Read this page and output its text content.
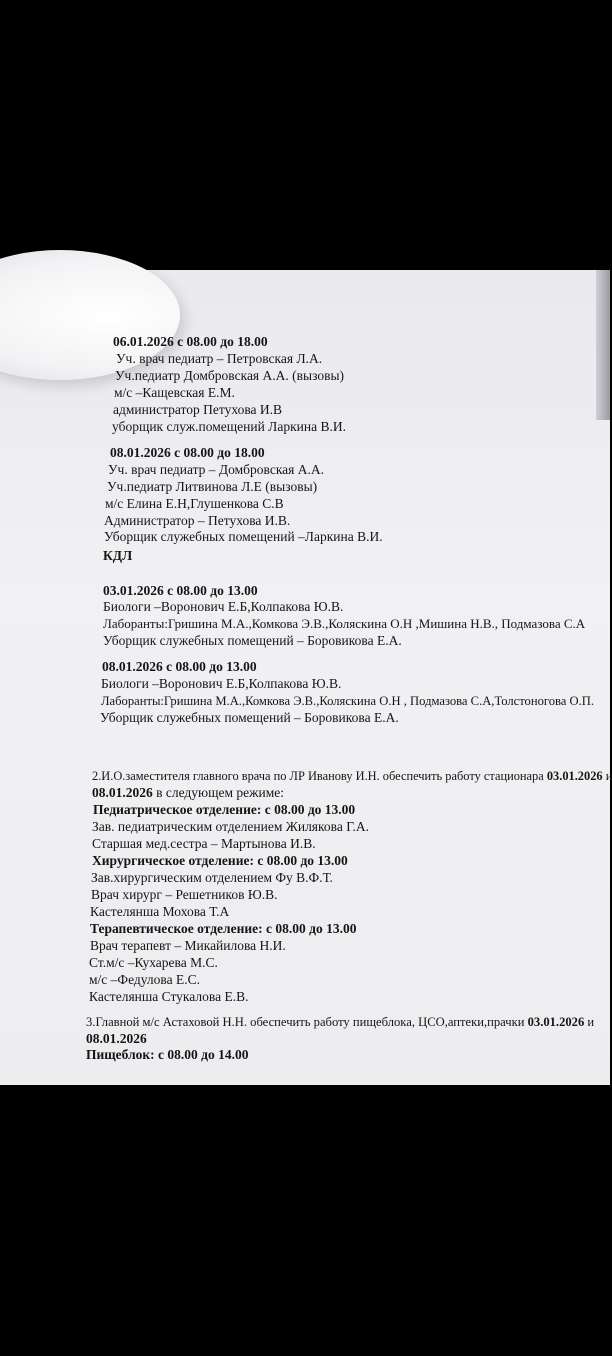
06.01.2026 с 08.00 до 18.00
Уч. врач педиатр – Петровская Л.А.
Уч.педиатр Домбровская А.А. (вызовы)
м/с –Кащевская Е.М.
администратор Петухова И.В
уборщик служ.помещений Ларкина В.И.
08.01.2026 с 08.00 до 18.00
Уч. врач педиатр – Домбровская А.А.
Уч.педиатр Литвинова Л.Е (вызовы)
м/с Елина Е.Н,Глушенкова С.В
Администратор – Петухова И.В.
Уборщик служебных помещений –Ларкина В.И.
КДЛ
03.01.2026 с 08.00 до 13.00
Биологи –Воронович Е.Б,Колпакова Ю.В.
Лаборанты:Гришина М.А.,Комкова Э.В.,Коляскина О.Н ,Мишина Н.В., Подмазова С.А
Уборщик служебных помещений – Боровикова Е.А.
08.01.2026 с 08.00 до 13.00
Биологи –Воронович Е.Б,Колпакова Ю.В.
Лаборанты:Гришина М.А.,Комкова Э.В.,Коляскина О.Н , Подмазова С.А,Толстоногова О.П.
Уборщик служебных помещений – Боровикова Е.А.
2.И.О.заместителя главного врача по ЛР Иванову И.Н. обеспечить работу стационара 03.01.2026 и
08.01.2026 в следующем режиме:
Педиатрическое отделение: с 08.00 до 13.00
Зав. педиатрическим отделением Жилякова Г.А.
Старшая мед.сестра – Мартынова И.В.
Хирургическое отделение: с 08.00 до 13.00
Зав.хирургическим отделением Фу В.Ф.Т.
Врач хирург – Решетников Ю.В.
Кастелянша Мохова Т.А
Терапевтическое отделение: с 08.00 до 13.00
Врач терапевт – Микайилова Н.И.
Ст.м/с –Кухарева М.С.
м/с –Федулова Е.С.
Кастелянша Стукалова Е.В.
3.Главной м/с Астаховой Н.Н. обеспечить работу пищеблока, ЦСО,аптеки,прачки 03.01.2026 и
08.01.2026
Пищеблок: с 08.00 до 14.00
